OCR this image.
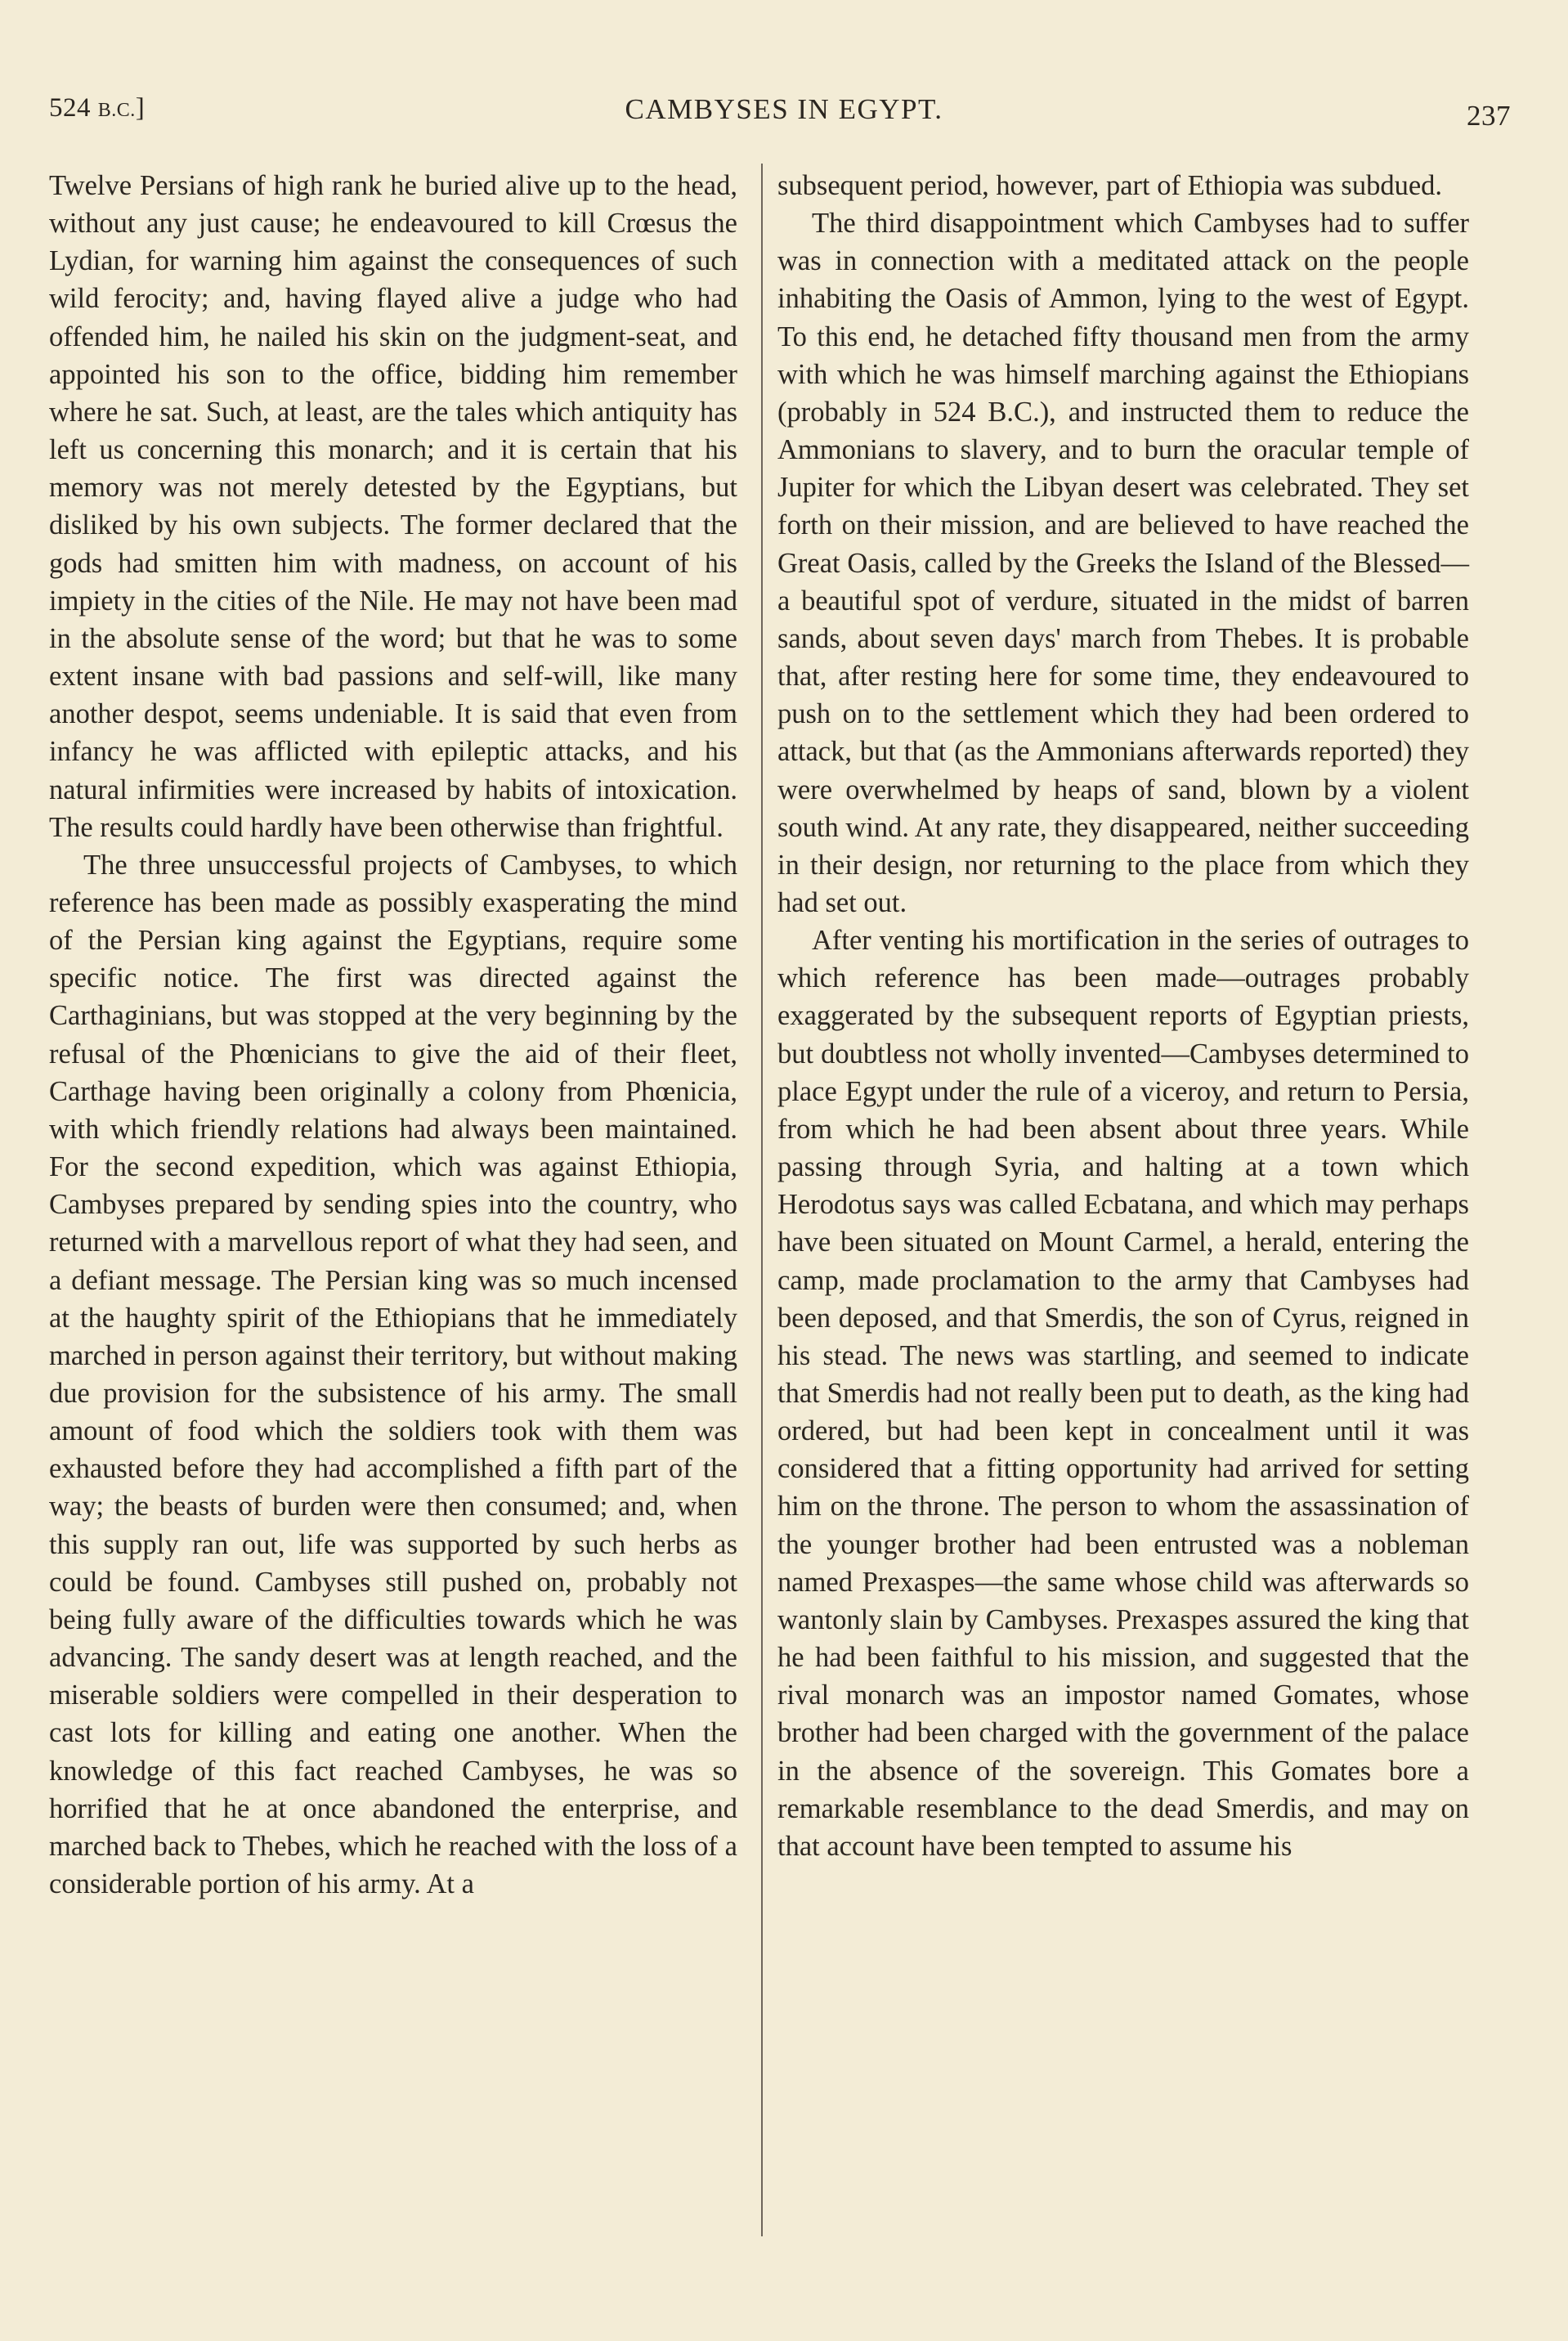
524 B.C.]	CAMBYSES IN EGYPT.	237

Twelve Persians of high rank he buried alive up to the head, without any just cause; he endeavoured to kill Crœsus the Lydian, for warning him against the consequences of such wild ferocity; and, having flayed alive a judge who had offended him, he nailed his skin on the judgment-seat, and appointed his son to the office, bidding him remember where he sat. Such, at least, are the tales which antiquity has left us concerning this monarch; and it is certain that his memory was not merely detested by the Egyptians, but disliked by his own subjects. The former declared that the gods had smitten him with madness, on account of his impiety in the cities of the Nile. He may not have been mad in the absolute sense of the word; but that he was to some extent insane with bad passions and self-will, like many another despot, seems undeniable. It is said that even from infancy he was afflicted with epileptic attacks, and his natural infirmities were increased by habits of intoxication. The results could hardly have been otherwise than frightful.

The three unsuccessful projects of Cambyses, to which reference has been made as possibly exasperating the mind of the Persian king against the Egyptians, require some specific notice. The first was directed against the Carthaginians, but was stopped at the very beginning by the refusal of the Phœnicians to give the aid of their fleet, Carthage having been originally a colony from Phœnicia, with which friendly relations had always been maintained. For the second expedition, which was against Ethiopia, Cambyses prepared by sending spies into the country, who returned with a marvellous report of what they had seen, and a defiant message. The Persian king was so much incensed at the haughty spirit of the Ethiopians that he immediately marched in person against their territory, but without making due provision for the subsistence of his army. The small amount of food which the soldiers took with them was exhausted before they had accomplished a fifth part of the way; the beasts of burden were then consumed; and, when this supply ran out, life was supported by such herbs as could be found. Cambyses still pushed on, probably not being fully aware of the difficulties towards which he was advancing. The sandy desert was at length reached, and the miserable soldiers were compelled in their desperation to cast lots for killing and eating one another. When the knowledge of this fact reached Cambyses, he was so horrified that he at once abandoned the enterprise, and marched back to Thebes, which he reached with the loss of a considerable portion of his army. At a

subsequent period, however, part of Ethiopia was subdued.

The third disappointment which Cambyses had to suffer was in connection with a meditated attack on the people inhabiting the Oasis of Ammon, lying to the west of Egypt. To this end, he detached fifty thousand men from the army with which he was himself marching against the Ethiopians (probably in 524 B.C.), and instructed them to reduce the Ammonians to slavery, and to burn the oracular temple of Jupiter for which the Libyan desert was celebrated. They set forth on their mission, and are believed to have reached the Great Oasis, called by the Greeks the Island of the Blessed—a beautiful spot of verdure, situated in the midst of barren sands, about seven days' march from Thebes. It is probable that, after resting here for some time, they endeavoured to push on to the settlement which they had been ordered to attack, but that (as the Ammonians afterwards reported) they were overwhelmed by heaps of sand, blown by a violent south wind. At any rate, they disappeared, neither succeeding in their design, nor returning to the place from which they had set out.

After venting his mortification in the series of outrages to which reference has been made—outrages probably exaggerated by the subsequent reports of Egyptian priests, but doubtless not wholly invented—Cambyses determined to place Egypt under the rule of a viceroy, and return to Persia, from which he had been absent about three years. While passing through Syria, and halting at a town which Herodotus says was called Ecbatana, and which may perhaps have been situated on Mount Carmel, a herald, entering the camp, made proclamation to the army that Cambyses had been deposed, and that Smerdis, the son of Cyrus, reigned in his stead. The news was startling, and seemed to indicate that Smerdis had not really been put to death, as the king had ordered, but had been kept in concealment until it was considered that a fitting opportunity had arrived for setting him on the throne. The person to whom the assassination of the younger brother had been entrusted was a nobleman named Prexaspes—the same whose child was afterwards so wantonly slain by Cambyses. Prexaspes assured the king that he had been faithful to his mission, and suggested that the rival monarch was an impostor named Gomates, whose brother had been charged with the government of the palace in the absence of the sovereign. This Gomates bore a remarkable resemblance to the dead Smerdis, and may on that account have been tempted to assume his
